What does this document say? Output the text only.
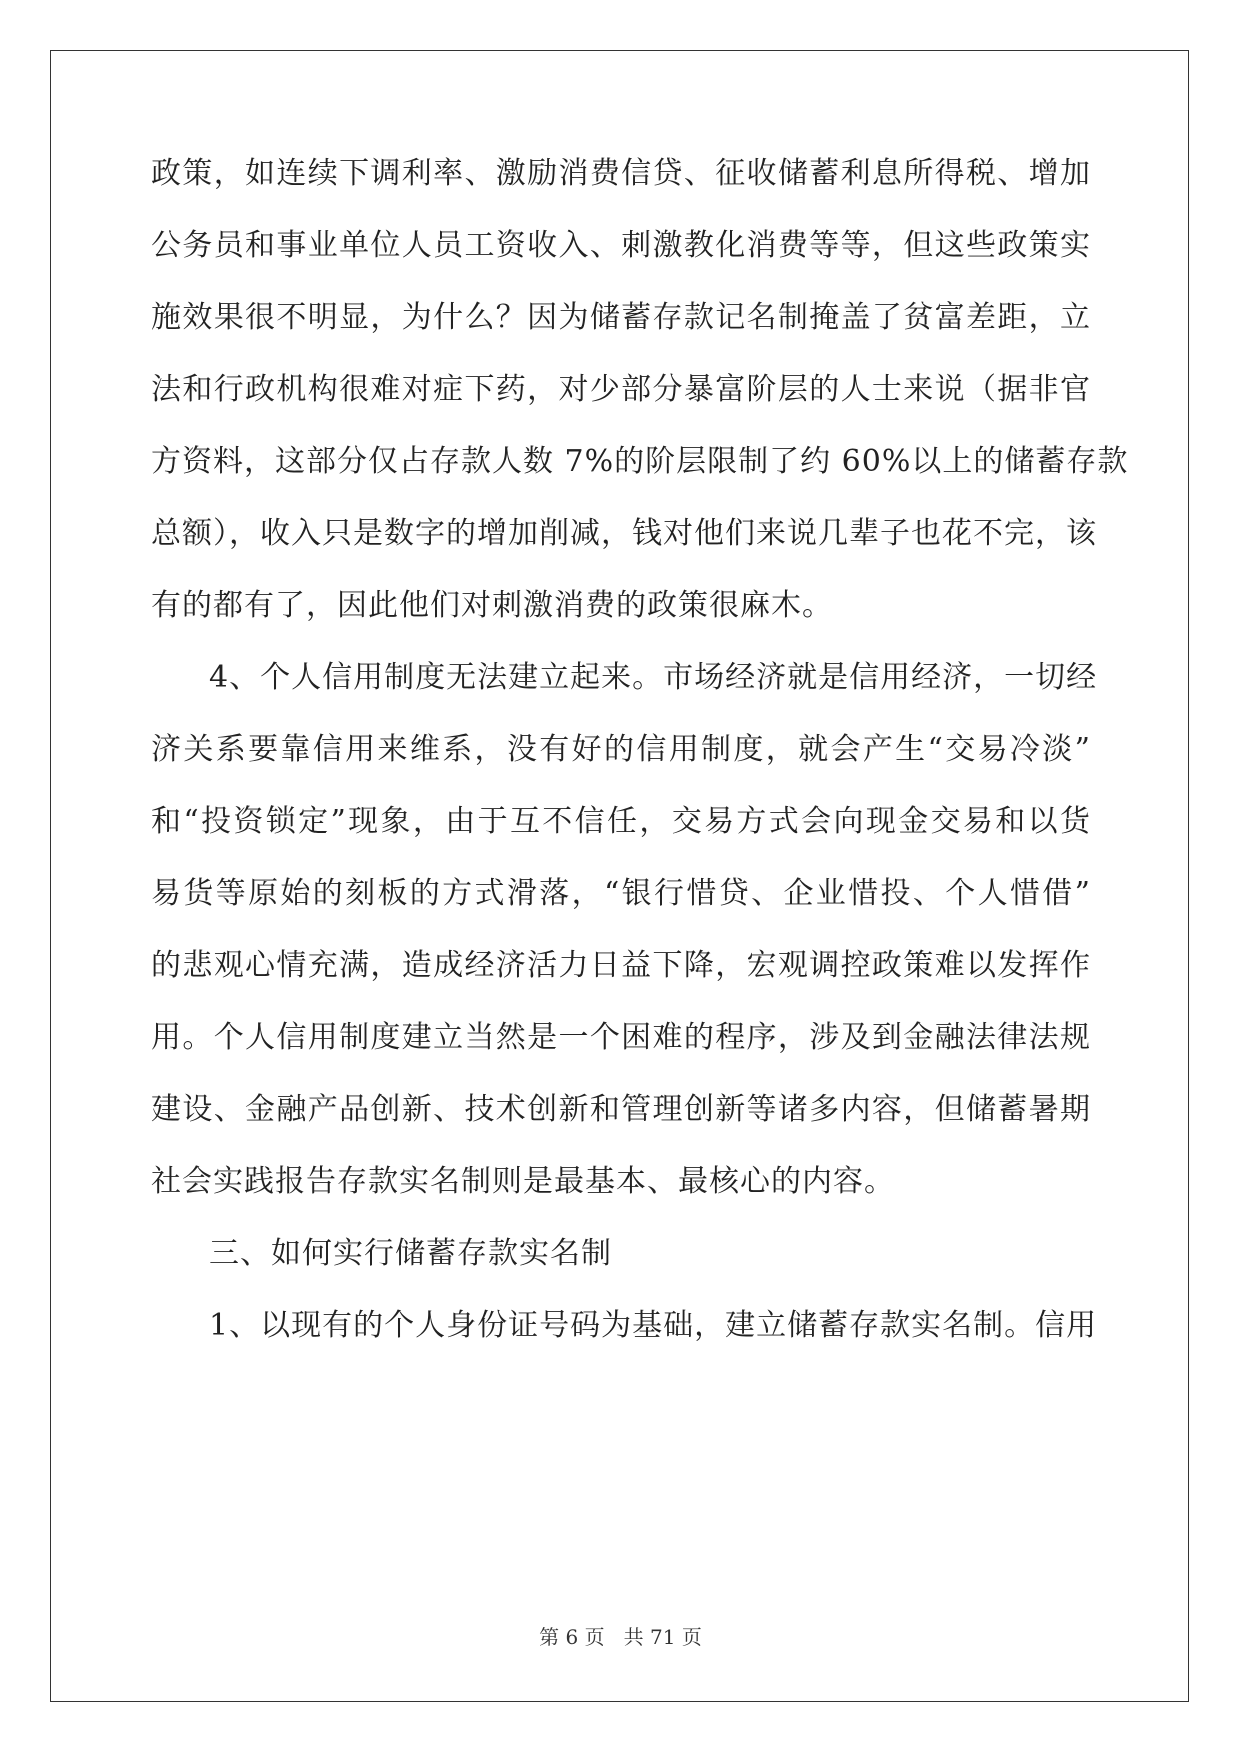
政策，如连续下调利率、激励消费信贷、征收储蓄利息所得税、增加
公务员和事业单位人员工资收入、刺激教化消费等等，但这些政策实
施效果很不明显，为什么？因为储蓄存款记名制掩盖了贫富差距，立
法和行政机构很难对症下药，对少部分暴富阶层的人士来说（据非官
方资料，这部分仅占存款人数 7%的阶层限制了约 60%以上的储蓄存款
总额），收入只是数字的增加削减，钱对他们来说几辈子也花不完，该
有的都有了，因此他们对刺激消费的政策很麻木。
4、个人信用制度无法建立起来。市场经济就是信用经济，一切经
济关系要靠信用来维系，没有好的信用制度，就会产生“交易冷淡”
和“投资锁定”现象，由于互不信任，交易方式会向现金交易和以货
易货等原始的刻板的方式滑落，“银行惜贷、企业惜投、个人惜借”
的悲观心情充满，造成经济活力日益下降，宏观调控政策难以发挥作
用。个人信用制度建立当然是一个困难的程序，涉及到金融法律法规
建设、金融产品创新、技术创新和管理创新等诸多内容，但储蓄暑期
社会实践报告存款实名制则是最基本、最核心的内容。
三、如何实行储蓄存款实名制
1、以现有的个人身份证号码为基础，建立储蓄存款实名制。信用
第 6 页 共 71 页
